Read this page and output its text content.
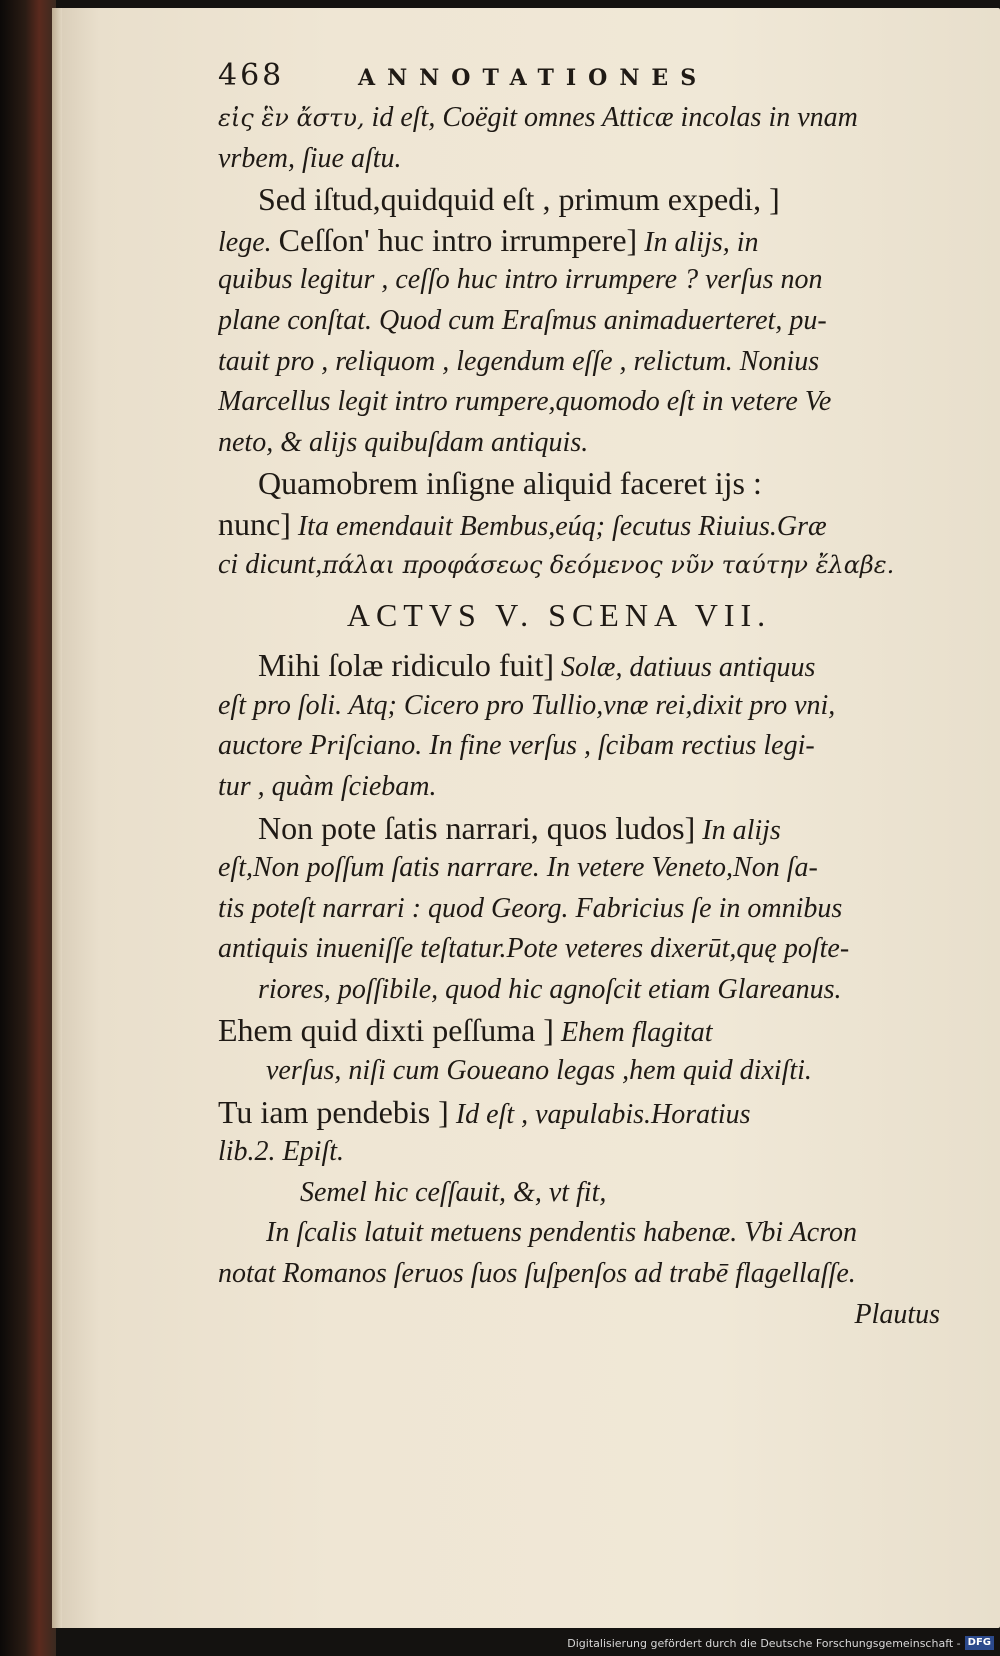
468	ANNOTATIONES
εἰς ἓν ἄστυ, id eſt, Coëgit omnes Atticæ incolas in vnam
vrbem, ſiue aſtu.
Sed iſtud,quidquid eſt , primum expedi, ]
lege. Ceſſon' huc intro irrumpere] In alijs, in
quibus legitur , ceſſo huc intro irrumpere ? verſus non
plane conſtat. Quod cum Eraſmus animaduerteret, pu-
tauit pro , reliquom , legendum eſſe , relictum. Nonius
Marcellus legit intro rumpere,quomodo eſt in vetere Ve
neto, & alijs quibuſdam antiquis.
Quamobrem inſigne aliquid faceret ijs :
nunc] Ita emendauit Bembus,eúq; ſecutus Riuius.Græ
ci dicunt,πάλαι προφάσεως δεόμενος νῦν ταύτην ἔλαβε.
ACTVS V. SCENA VII.
Mihi ſolæ ridiculo fuit] Solæ, datiuus antiquus
eſt pro ſoli. Atq; Cicero pro Tullio,vnæ rei,dixit pro vni,
auctore Priſciano. In fine verſus , ſcibam rectius legi-
tur , quàm ſciebam.
Non pote ſatis narrari, quos ludos] In alijs
eſt,Non poſſum ſatis narrare. In vetere Veneto,Non ſa-
tis poteſt narrari : quod Georg. Fabricius ſe in omnibus
antiquis inueniſſe teſtatur.Pote veteres dixerūt,quę poſte-
riores, poſſibile, quod hic agnoſcit etiam Glareanus.
Ehem quid dixti peſſuma ] Ehem flagitat
verſus, niſi cum Goueano legas ,hem quid dixiſti.
Tu iam pendebis ] Id eſt , vapulabis.Horatius
lib.2. Epiſt.
Semel hic ceſſauit, &, vt fit,
In ſcalis latuit metuens pendentis habenæ. Vbi Acron
notat Romanos ſeruos ſuos ſuſpenſos ad trabē flagellaſſe.
Plautus
Digitalisierung gefördert durch die Deutsche Forschungsgemeinschaft - DFG
